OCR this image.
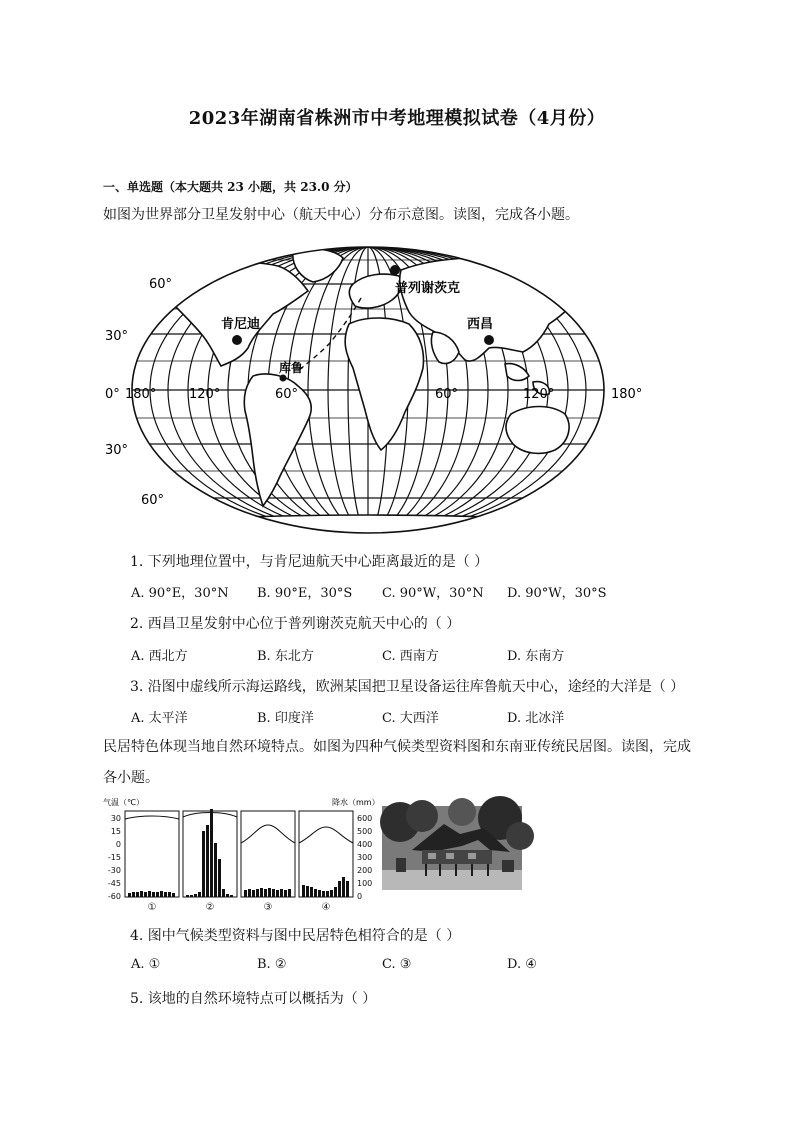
2023年湖南省株洲市中考地理模拟试卷（4月份）
一、单选题（本大题共 23 小题，共 23.0 分）
如图为世界部分卫星发射中心（航天中心）分布示意图。读图，完成各小题。
肯尼迪
库鲁
普列谢茨克
西昌
60°
30°
0°
30°
60°
180°	120°	60°	60°	120°	180°
1. 下列地理位置中，与肯尼迪航天中心距离最近的是（ ）
A. 90°E，30°N B. 90°E，30°S C. 90°W，30°N D. 90°W，30°S
2. 西昌卫星发射中心位于普列谢茨克航天中心的（ ）
A. 西北方	B. 东北方	C. 西南方	D. 东南方
3. 沿图中虚线所示海运路线，欧洲某国把卫星设备运往库鲁航天中心，途经的大洋是（ ）
A. 太平洋	B. 印度洋	C. 大西洋	D. 北冰洋
民居特色体现当地自然环境特点。如图为四种气候类型资料图和东南亚传统民居图。读图，完成各小题。
气温（℃）	降水（mm）
30
15
0
-15
-30
-45
-60
600
500
400
300
200
100
0
①	②	③	④
4. 图中气候类型资料与图中民居特色相符合的是（ ）
A. ①	B. ②	C. ③	D. ④
5. 该地的自然环境特点可以概括为（ ）
